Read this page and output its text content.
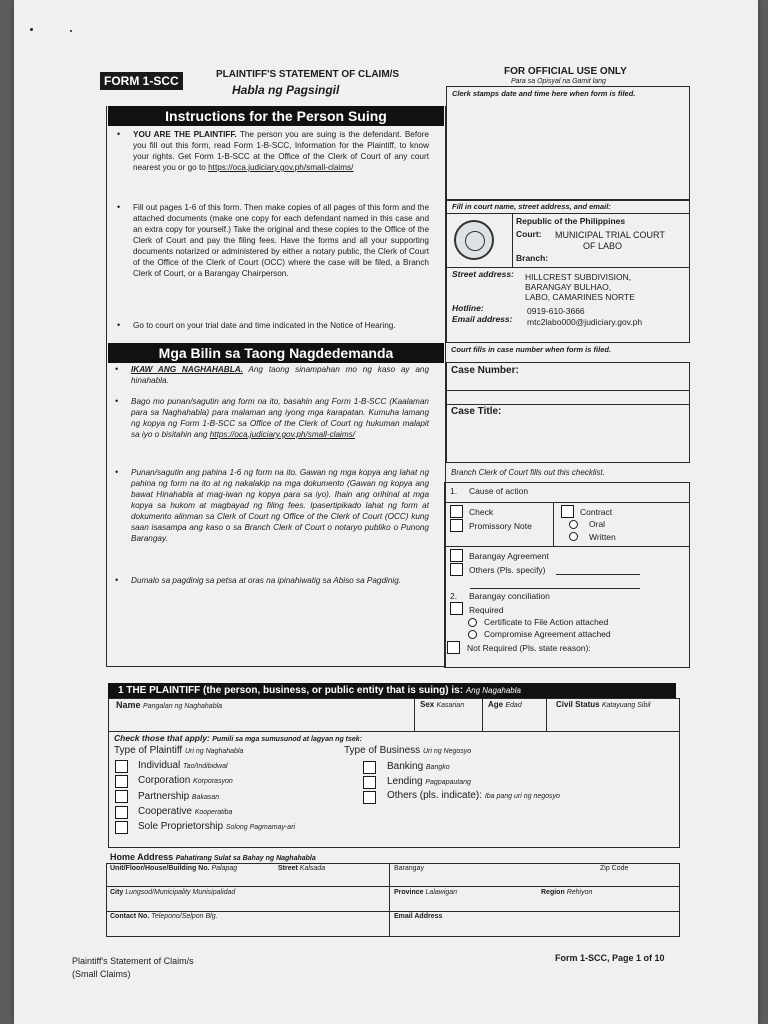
FORM 1-SCC	PLAINTIFF'S STATEMENT OF CLAIM/S
Habla ng Pagsingil
FOR OFFICIAL USE ONLY
Para sa Opisyal na Gamit lang
Clerk stamps date and time here when form is filed.
Instructions for the Person Suing
• YOU ARE THE PLAINTIFF. The person you are suing is the defendant. Before you fill out this form, read Form 1-B-SCC, Information for the Plaintiff, to know your rights. Get Form 1-B-SCC at the Office of the Clerk of Court of any court nearest you or go to https://oca.judiciary.gov.ph/small-claims/
• Fill out pages 1-6 of this form. Then make copies of all pages of this form and the attached documents (make one copy for each defendant named in this case and an extra copy for yourself.) Take the original and these copies to the Office of the Clerk of Court and pay the filing fees. Have the forms and all your supporting documents notarized or administered by either a notary public, the Clerk of Court of the Office of the Clerk of Court (OCC) where the case will be filed, a Branch Clerk of Court, or a Barangay Chairperson.
• Go to court on your trial date and time indicated in the Notice of Hearing.
Fill in court name, street address, and email:
Republic of the Philippines
Court: MUNICIPAL TRIAL COURT
OF LABO
Branch:
Street address: HILLCREST SUBDIVISION,
BARANGAY BULHAO,
LABO, CAMARINES NORTE
Hotline:	0919-610-3666
Email address: mtc2labo000@judiciary.gov.ph
Mga Bilin sa Taong Nagdedemanda
• IKAW ANG NAGHAHABLA. Ang taong sinampahan mo ng kaso ay ang hinahabla.
• Bago mo punan/sagutin ang form na ito, basahin ang Form 1-B-SCC (Kaalaman para sa Naghahabla) para malaman ang iyong mga karapatan. Kumuha lamang ng kopya ng Form 1-B-SCC sa Office of the Clerk of Court ng hukuman malapit sa iyo o bisitahin ang https://oca.judiciary.gov.ph/small-claims/
• Punan/sagutin ang pahina 1-6 ng form na ito. Gawan ng mga kopya ang lahat ng pahina ng form na ito at ng nakalakip na mga dokumento (Gawan ng kopya ang bawat Hinahabla at mag-iwan ng kopya para sa iyo). Ihain ang orihinal at mga kopya sa hukom at magbayad ng filing fees. Ipasertipikado lahat ng form at dokumento alinman sa Clerk of Court ng Office of the Clerk of Court (OCC) kung saan isasampa ang kaso o sa Branch Clerk of Court o notaryo publiko o Punong Barangay.
• Dumalo sa pagdinig sa petsa at oras na ipinahiwatig sa Abiso sa Pagdinig.
Court fills in case number when form is filed.
Case Number:
Case Title:
Branch Clerk of Court fills out this checklist.
1. Cause of action
Check
Promissory Note
Contract
Oral
Written
Barangay Agreement
Others (Pls. specify)
2. Barangay conciliation
Required
Certificate to File Action attached
Compromise Agreement attached
Not Required (Pls. state reason):
1 THE PLAINTIFF (the person, business, or public entity that is suing) is: Ang Nagahabla
Name Pangalan ng Naghahabla	Sex Kasarian	Age Edad	Civil Status Katayuang Sibil
Check those that apply: Pumili sa mga sumusunod at lagyan ng tsek:
Type of Plaintiff Uri ng Naghahabla	Type of Business Uri ng Negosyo
Individual Tao/Indibidwal
Corporation Korporasyon
Partnership Bakasan
Cooperative Kooperatiba
Sole Proprietorship Solong Pagmamay-ari
Banking Bangko
Lending Pagpapautang
Others (pls. indicate): Iba pang uri ng negosyo
Home Address Pahatirang Sulat sa Bahay ng Naghahabla
Unit/Floor/House/Building No. Palapag	Street Kalsada	Barangay	Zip Code
City Lungsod/Municipality Munisipalidad	Province Lalawigan	Region Rehiyon
Contact No. Telepono/Selpon Blg.	Email Address
Plaintiff's Statement of Claim/s
(Small Claims)
Form 1-SCC, Page 1 of 10
